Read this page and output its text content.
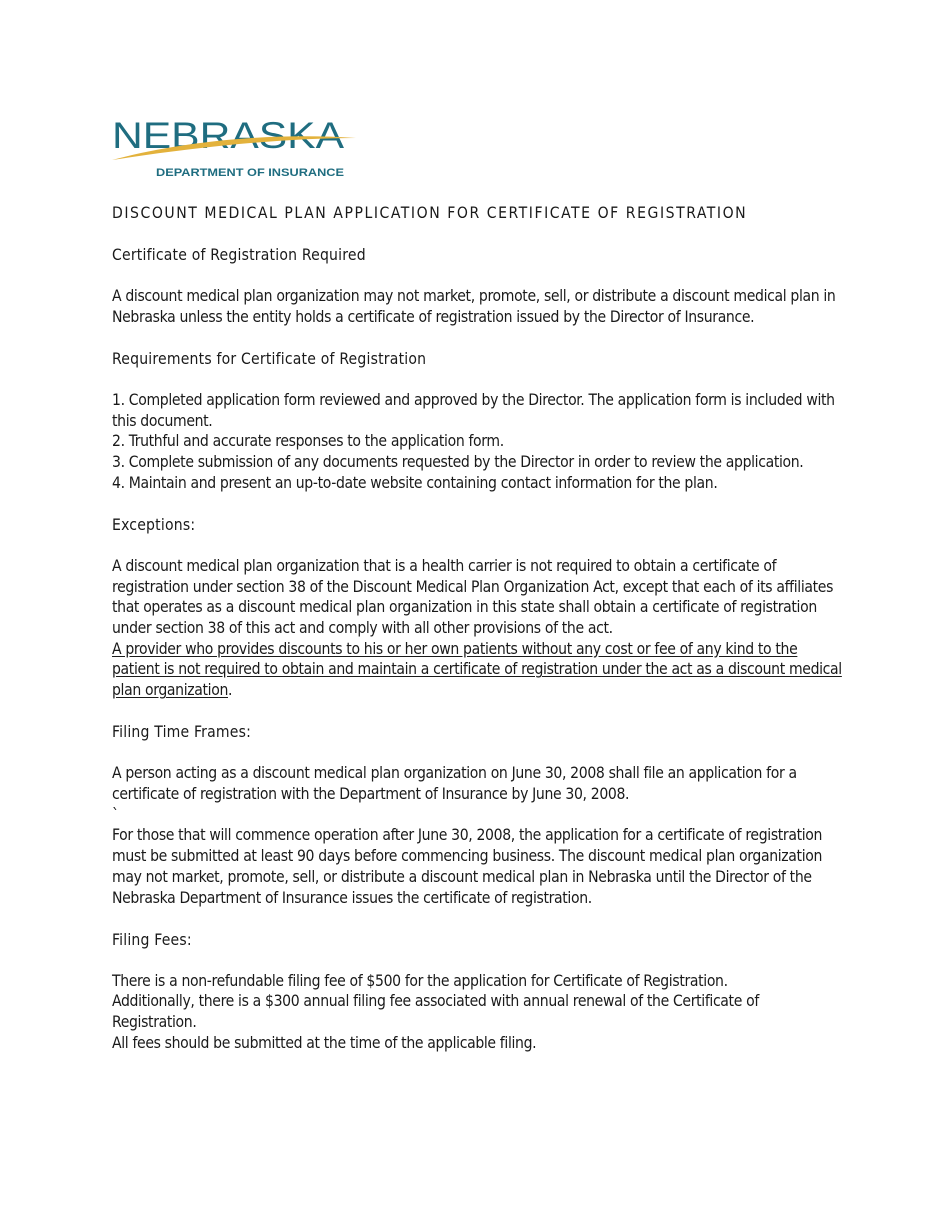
NEBRASKA
DEPARTMENT OF INSURANCE
DISCOUNT MEDICAL PLAN APPLICATION FOR CERTIFICATE OF REGISTRATION
Certificate of Registration Required
A discount medical plan organization may not market, promote, sell, or distribute a discount medical plan in Nebraska unless the entity holds a certificate of registration issued by the Director of Insurance.
Requirements for Certificate of Registration
1. Completed application form reviewed and approved by the Director. The application form is included with this document.
2. Truthful and accurate responses to the application form.
3. Complete submission of any documents requested by the Director in order to review the application.
4. Maintain and present an up-to-date website containing contact information for the plan.
Exceptions:
A discount medical plan organization that is a health carrier is not required to obtain a certificate of registration under section 38 of the Discount Medical Plan Organization Act, except that each of its affiliates that operates as a discount medical plan organization in this state shall obtain a certificate of registration under section 38 of this act and comply with all other provisions of the act.
A provider who provides discounts to his or her own patients without any cost or fee of any kind to the patient is not required to obtain and maintain a certificate of registration under the act as a discount medical plan organization.
Filing Time Frames:
A person acting as a discount medical plan organization on June 30, 2008 shall file an application for a certificate of registration with the Department of Insurance by June 30, 2008.
`
For those that will commence operation after June 30, 2008, the application for a certificate of registration must be submitted at least 90 days before commencing business. The discount medical plan organization may not market, promote, sell, or distribute a discount medical plan in Nebraska until the Director of the Nebraska Department of Insurance issues the certificate of registration.
Filing Fees:
There is a non-refundable filing fee of $500 for the application for Certificate of Registration.
Additionally, there is a $300 annual filing fee associated with annual renewal of the Certificate of Registration.
All fees should be submitted at the time of the applicable filing.
